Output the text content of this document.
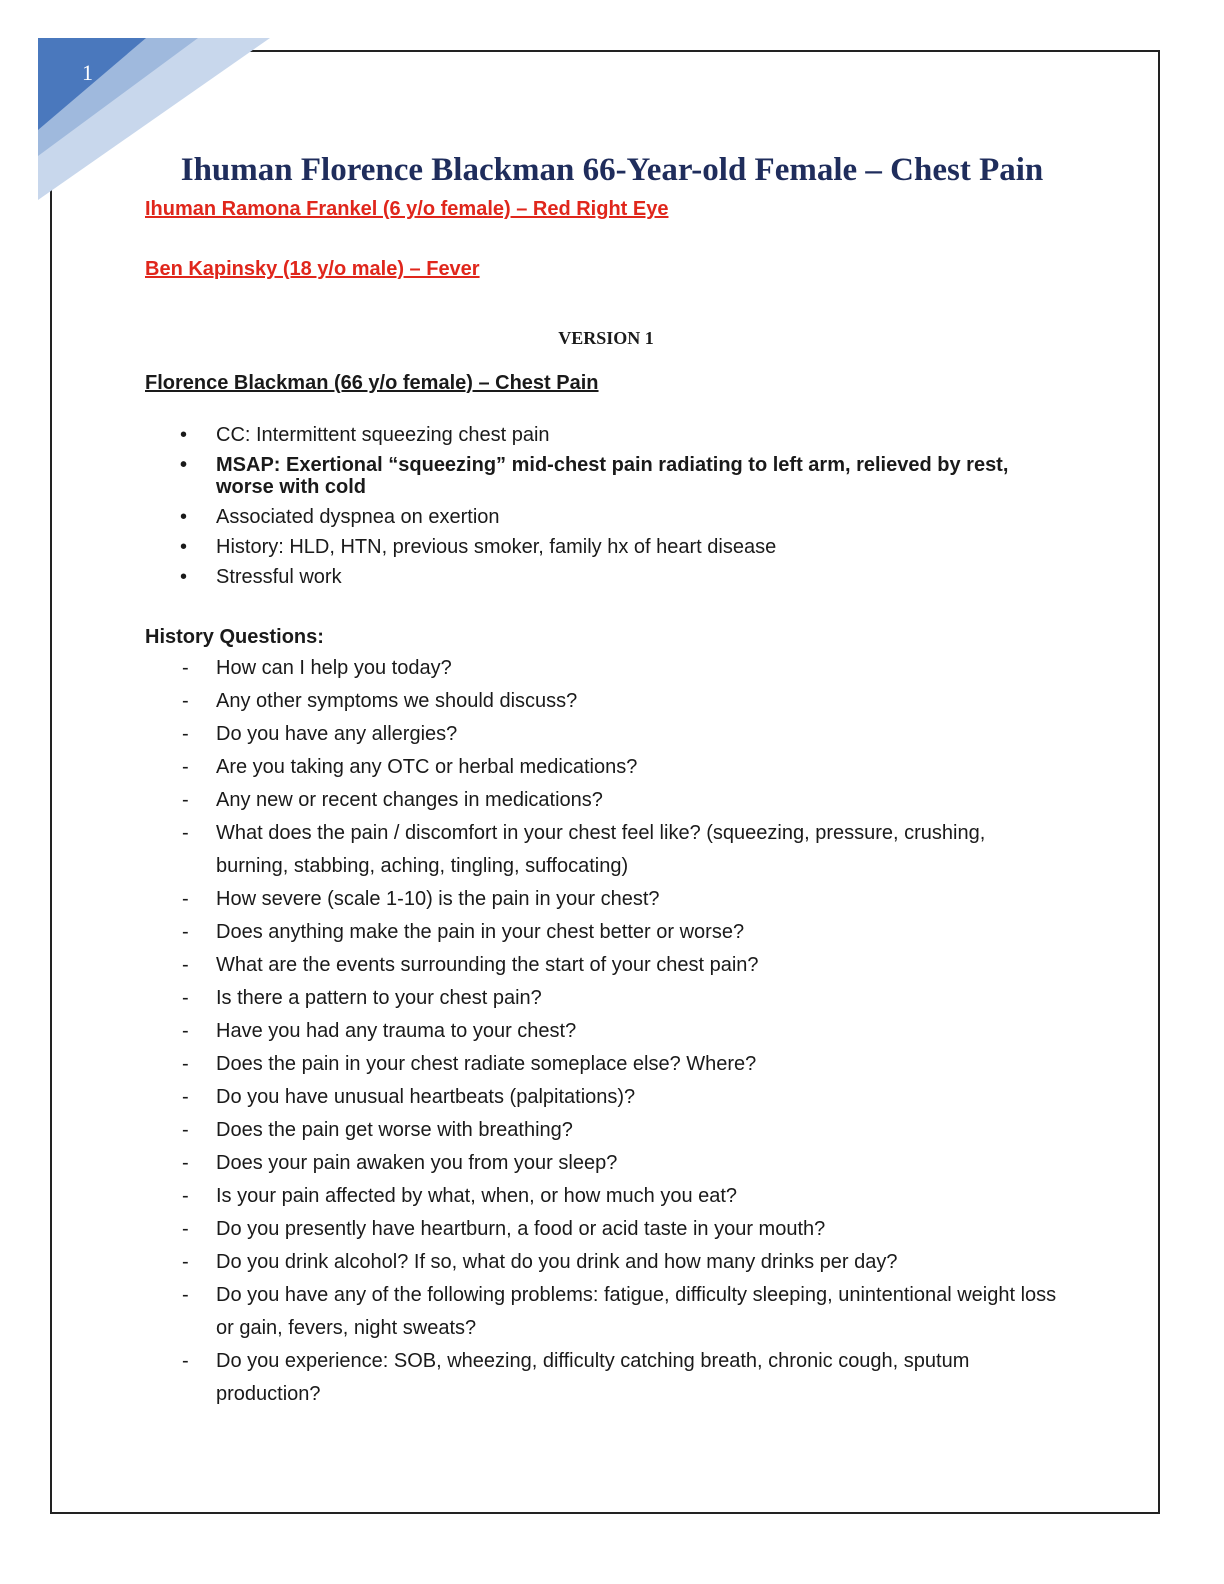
1
Ihuman Florence Blackman 66-Year-old Female – Chest Pain
Ihuman Ramona Frankel (6 y/o female) – Red Right Eye
Ben Kapinsky (18 y/o male) – Fever
VERSION 1
Florence Blackman (66 y/o female) – Chest Pain
• CC: Intermittent squeezing chest pain
• MSAP: Exertional “squeezing” mid-chest pain radiating to left arm, relieved by rest, worse with cold
• Associated dyspnea on exertion
• History: HLD, HTN, previous smoker, family hx of heart disease
• Stressful work
History Questions:
- How can I help you today?
- Any other symptoms we should discuss?
- Do you have any allergies?
- Are you taking any OTC or herbal medications?
- Any new or recent changes in medications?
- What does the pain / discomfort in your chest feel like? (squeezing, pressure, crushing, burning, stabbing, aching, tingling, suffocating)
- How severe (scale 1-10) is the pain in your chest?
- Does anything make the pain in your chest better or worse?
- What are the events surrounding the start of your chest pain?
- Is there a pattern to your chest pain?
- Have you had any trauma to your chest?
- Does the pain in your chest radiate someplace else? Where?
- Do you have unusual heartbeats (palpitations)?
- Does the pain get worse with breathing?
- Does your pain awaken you from your sleep?
- Is your pain affected by what, when, or how much you eat?
- Do you presently have heartburn, a food or acid taste in your mouth?
- Do you drink alcohol? If so, what do you drink and how many drinks per day?
- Do you have any of the following problems: fatigue, difficulty sleeping, unintentional weight loss or gain, fevers, night sweats?
- Do you experience: SOB, wheezing, difficulty catching breath, chronic cough, sputum production?
